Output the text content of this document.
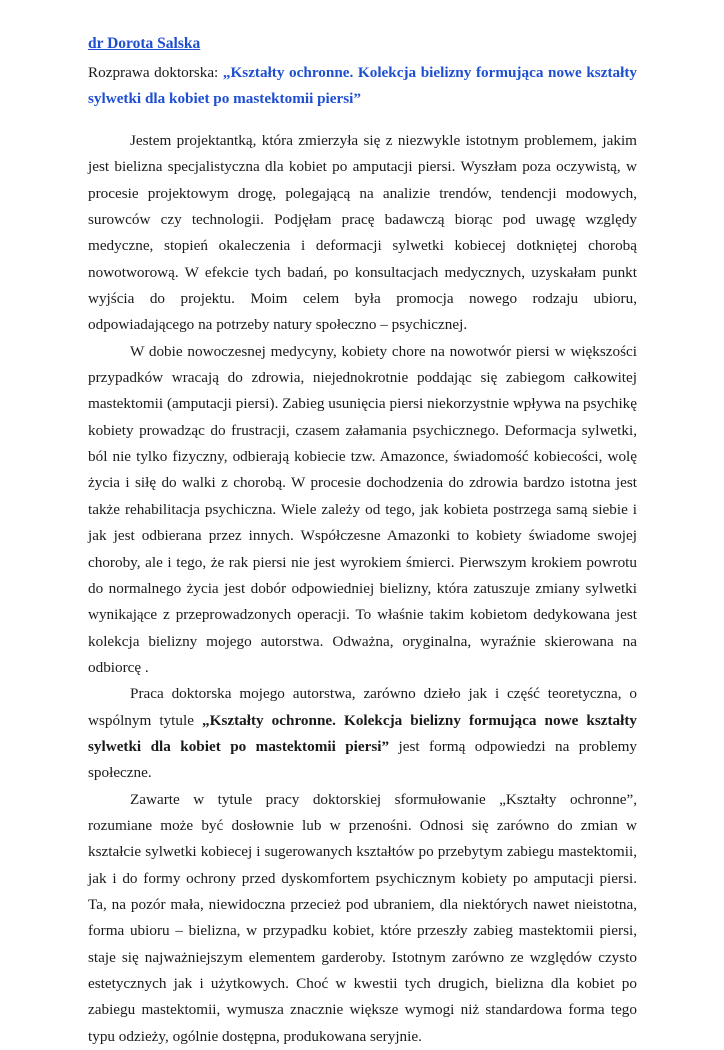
dr Dorota Salska
Rozprawa doktorska: „Kształty ochronne. Kolekcja bielizny formująca nowe kształty sylwetki dla kobiet po mastektomii piersi”

Jestem projektantką, która zmierzyła się z niezwykle istotnym problemem, jakim jest bielizna specjalistyczna dla kobiet po amputacji piersi. Wyszłam poza oczywistą, w procesie projektowym drogę, polegającą na analizie trendów, tendencji modowych, surowców czy technologii. Podjęłam pracę badawczą biorąc pod uwagę względy medyczne, stopień okaleczenia i deformacji sylwetki kobiecej dotkniętej chorobą nowotworową. W efekcie tych badań, po konsultacjach medycznych, uzyskałam punkt wyjścia do projektu. Moim celem była promocja nowego rodzaju ubioru, odpowiadającego na potrzeby natury społeczno – psychicznej.

W dobie nowoczesnej medycyny, kobiety chore na nowotwór piersi w większości przypadków wracają do zdrowia, niejednokrotnie poddając się zabiegom całkowitej mastektomii (amputacji piersi). Zabieg usunięcia piersi niekorzystnie wpływa na psychikę kobiety prowadząc do frustracji, czasem załamania psychicznego. Deformacja sylwetki, ból nie tylko fizyczny, odbierają kobiecie tzw. Amazonce, świadomość kobiecości, wolę życia i siłę do walki z chorobą. W procesie dochodzenia do zdrowia bardzo istotna jest także rehabilitacja psychiczna. Wiele zależy od tego, jak kobieta postrzega samą siebie i jak jest odbierana przez innych. Współczesne Amazonki to kobiety świadome swojej choroby, ale i tego, że rak piersi nie jest wyrokiem śmierci. Pierwszym krokiem powrotu do normalnego życia jest dobór odpowiedniej bielizny, która zatuszuje zmiany sylwetki wynikające z przeprowadzonych operacji. To właśnie takim kobietom dedykowana jest kolekcja bielizny mojego autorstwa. Odważna, oryginalna, wyraźnie skierowana na odbiorcę .

Praca doktorska mojego autorstwa, zarówno dzieło jak i część teoretyczna, o wspólnym tytule „Kształty ochronne. Kolekcja bielizny formująca nowe kształty sylwetki dla kobiet po mastektomii piersi” jest formą odpowiedzi na problemy społeczne.

Zawarte w tytule pracy doktorskiej sformułowanie „Kształty ochronne”, rozumiane może być dosłownie lub w przenośni. Odnosi się zarówno do zmian w kształcie sylwetki kobiecej i sugerowanych kształtów po przebytym zabiegu mastektomii, jak i do formy ochrony przed dyskomfortem psychicznym kobiety po amputacji piersi. Ta, na pozór mała, niewidoczna przecież pod ubraniem, dla niektórych nawet nieistotna, forma ubioru – bielizna, w przypadku kobiet, które przeszły zabieg mastektomii piersi, staje się najważniejszym elementem garderoby. Istotnym zarówno ze względów czysto estetycznych jak i użytkowych. Choć w kwestii tych drugich, bielizna dla kobiet po zabiegu mastektomii, wymusza znacznie większe wymogi niż standardowa forma tego typu odzieży, ogólnie dostępna, produkowana seryjnie.
